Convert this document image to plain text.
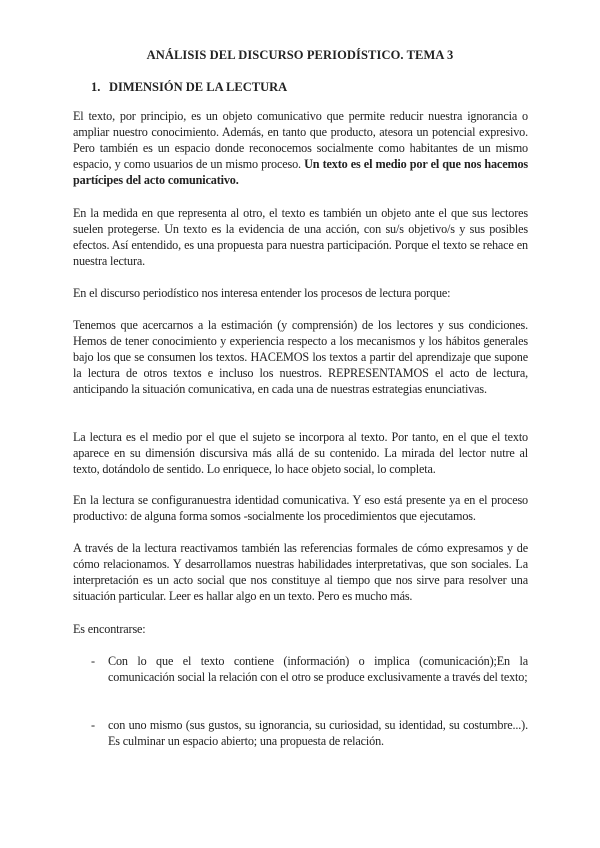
ANÁLISIS DEL DISCURSO PERIODÍSTICO. TEMA 3
1. DIMENSIÓN DE LA LECTURA

El texto, por principio, es un objeto comunicativo que permite reducir nuestra ignorancia o ampliar nuestro conocimiento. Además, en tanto que producto, atesora un potencial expresivo. Pero también es un espacio donde reconocemos socialmente como habitantes de un mismo espacio, y como usuarios de un mismo proceso. Un texto es el medio por el que nos hacemos partícipes del acto comunicativo.

En la medida en que representa al otro, el texto es también un objeto ante el que sus lectores suelen protegerse. Un texto es la evidencia de una acción, con su/s objetivo/s y sus posibles efectos. Así entendido, es una propuesta para nuestra participación. Porque el texto se rehace en nuestra lectura.

En el discurso periodístico nos interesa entender los procesos de lectura porque:

Tenemos que acercarnos a la estimación (y comprensión) de los lectores y sus condiciones. Hemos de tener conocimiento y experiencia respecto a los mecanismos y los hábitos generales bajo los que se consumen los textos. HACEMOS los textos a partir del aprendizaje que supone la lectura de otros textos e incluso los nuestros. REPRESENTAMOS el acto de lectura, anticipando la situación comunicativa, en cada una de nuestras estrategias enunciativas.

La lectura es el medio por el que el sujeto se incorpora al texto. Por tanto, en el que el texto aparece en su dimensión discursiva más allá de su contenido. La mirada del lector nutre al texto, dotándolo de sentido. Lo enriquece, lo hace objeto social, lo completa.

En la lectura se configuranuestra identidad comunicativa. Y eso está presente ya en el proceso productivo: de alguna forma somos -socialmente los procedimientos que ejecutamos.

A través de la lectura reactivamos también las referencias formales de cómo expresamos y de cómo relacionamos. Y desarrollamos nuestras habilidades interpretativas, que son sociales. La interpretación es un acto social que nos constituye al tiempo que nos sirve para resolver una situación particular. Leer es hallar algo en un texto. Pero es mucho más.

Es encontrarse:

- Con lo que el texto contiene (información) o implica (comunicación);En la comunicación social la relación con el otro se produce exclusivamente a través del texto;
- con uno mismo (sus gustos, su ignorancia, su curiosidad, su identidad, su costumbre...). Es culminar un espacio abierto; una propuesta de relación.
